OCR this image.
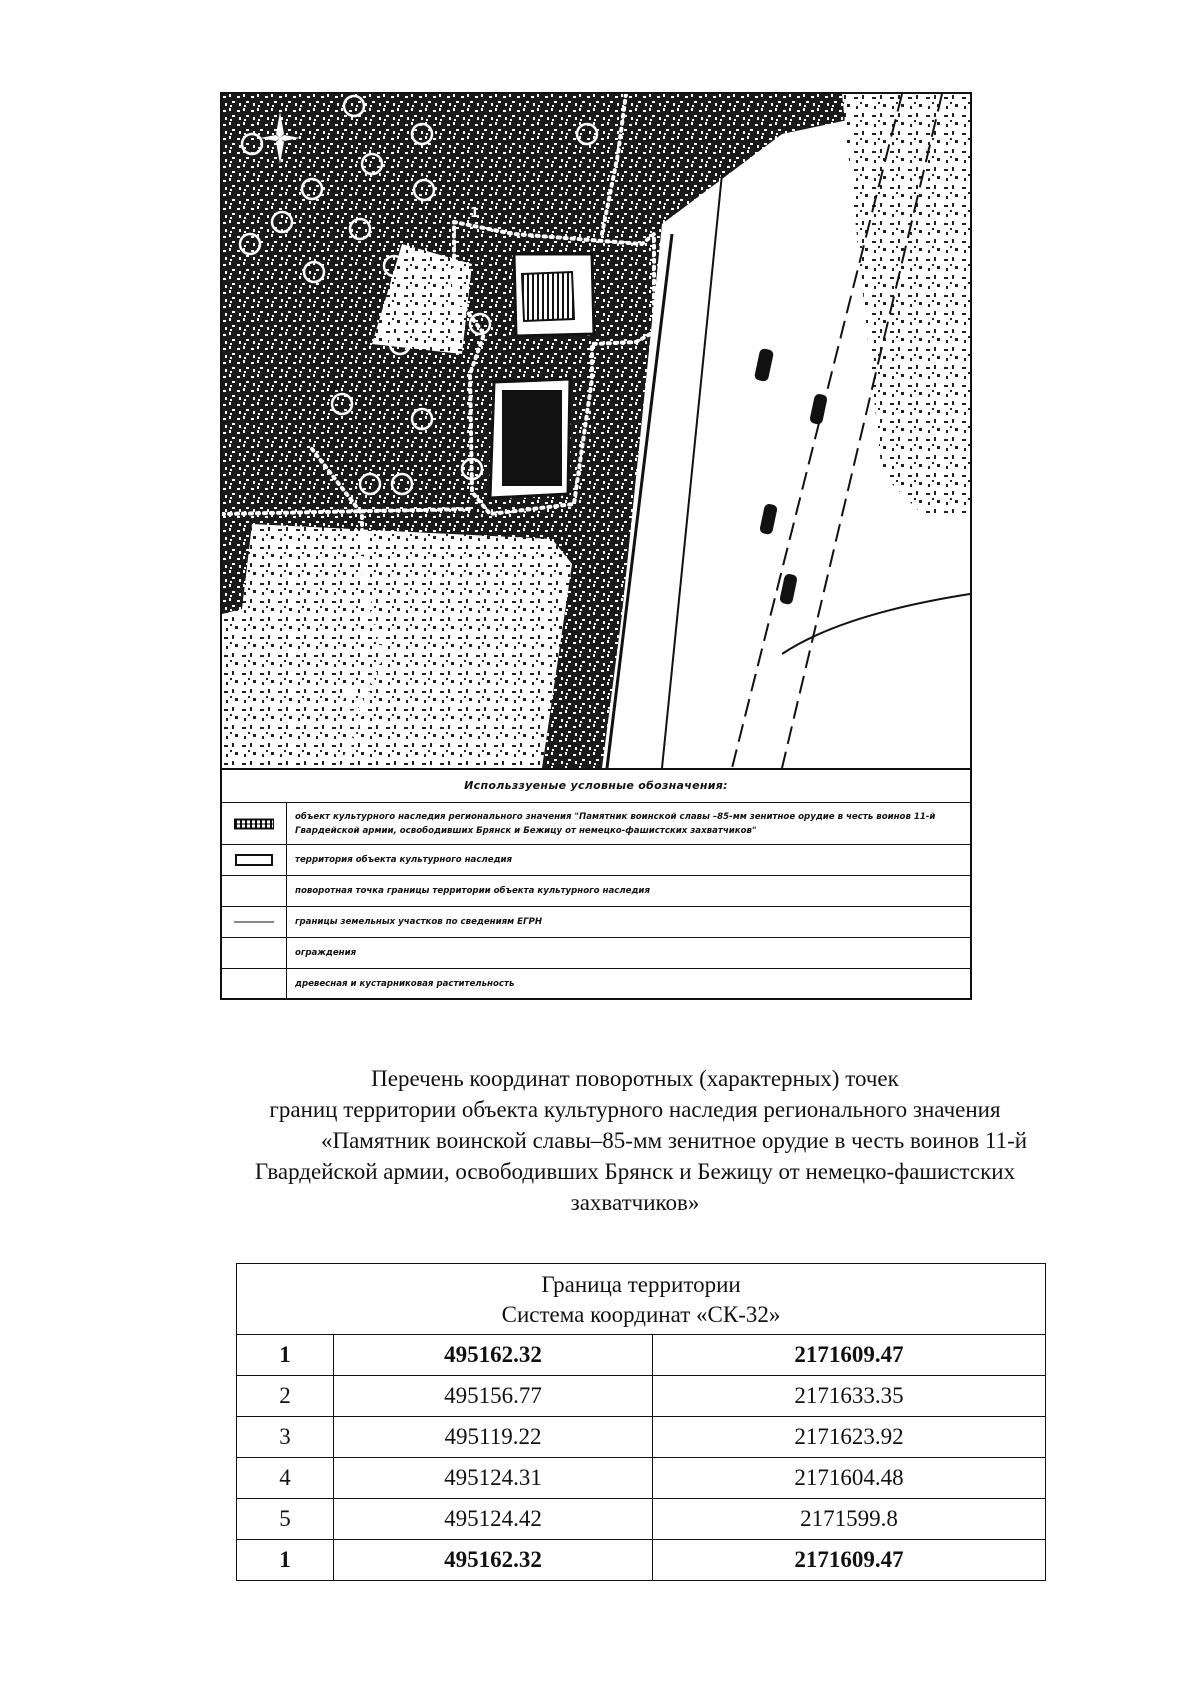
1
Использзуеные условные обозначения:
объект культурного наследия регионального значения "Памятник воинской славы –85-мм зенитное орудие в честь воинов 11-й Гвардейской армии, освободивших Брянск и Бежицу от немецко-фашистских захватчиков"
территория объекта культурного наследия
поворотная точка границы территории объекта культурного наследия
границы земельных участков по сведениям ЕГРН
ограждения
древесная и кустарниковая растительность
Перечень координат поворотных (характерных) точек
границ территории объекта культурного наследия регионального значения
«Памятник воинской славы–85-мм зенитное орудие в честь воинов 11-й
Гвардейской армии, освободивших Брянск и Бежицу от немецко-фашистских
захватчиков»
Граница территории
Система координат «СК-32»		

1	495162.32	2171609.47
2	495156.77	2171633.35
3	495119.22	2171623.92
4	495124.31	2171604.48
5	495124.42	2171599.8
1	495162.32	2171609.47
